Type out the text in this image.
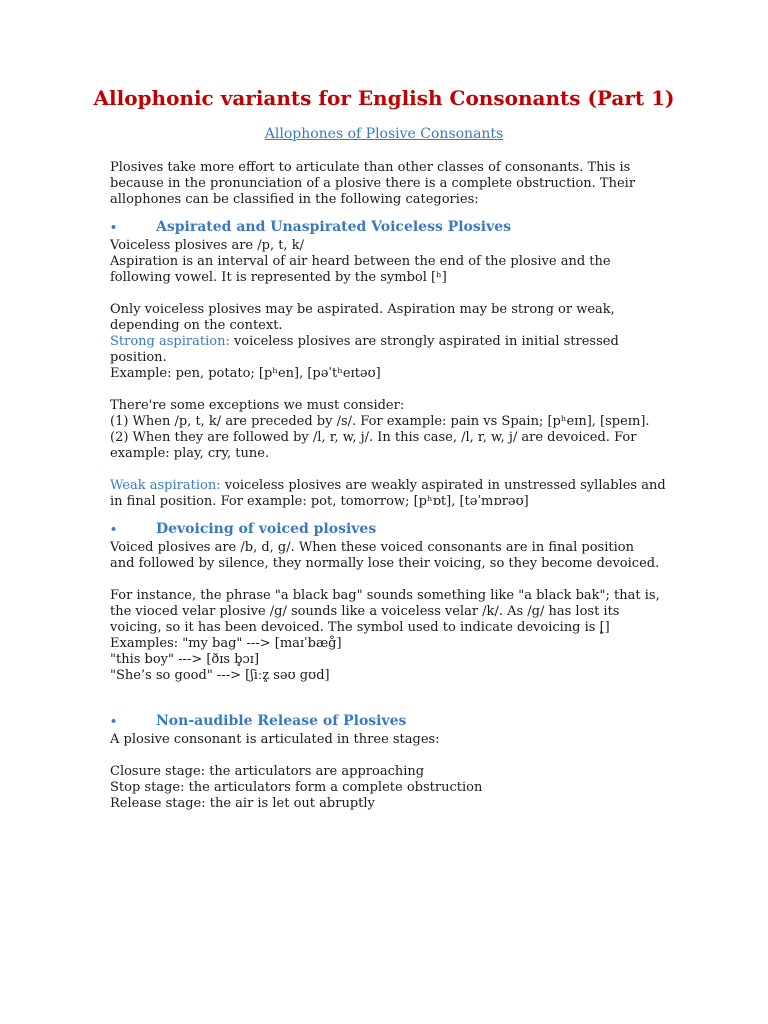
Allophonic variants for English Consonants (Part 1)

Allophones of Plosive Consonants

Plosives take more effort to articulate than other classes of consonants. This is

because in the pronunciation of a plosive there is a complete obstruction. Their

allophones can be classified in the following categories:

•	Aspirated and Unaspirated Voiceless Plosives

Voiceless plosives are /p, t, k/

Aspiration is an interval of air heard between the end of the plosive and the

following vowel. It is represented by the symbol [ʰ]

Only voiceless plosives may be aspirated. Aspiration may be strong or weak,

depending on the context.

Strong aspiration: voiceless plosives are strongly aspirated in initial stressed

position.

Example: pen, potato; [pʰen], [pəˈtʰeɪtəʊ]

There're some exceptions we must consider:

(1) When /p, t, k/ are preceded by /s/. For example: pain vs Spain; [pʰeɪn], [speɪn].

(2) When they are followed by /l, r, w, j/. In this case, /l, r, w, j/ are devoiced. For

example: play, cry, tune.

Weak aspiration: voiceless plosives are weakly aspirated in unstressed syllables and

in final position. For example: pot, tomorrow; [pʰɒt], [təˈmɒrəʊ]

•	Devoicing of voiced plosives

Voiced plosives are /b, d, g/. When these voiced consonants are in final position

and followed by silence, they normally lose their voicing, so they become devoiced.

For instance, the phrase "a black bag" sounds something like "a black bak"; that is,

the vioced velar plosive /g/ sounds like a voiceless velar /k/. As /g/ has lost its

voicing, so it has been devoiced. The symbol used to indicate devoicing is [̥]

Examples: "my bag" ---> [maɪˈbæg̊]

"this boy" ---> [ðɪs b̥ɔɪ]

"She’s so good" ---> [ʃiːz̥ səʊ gʊd]

•	Non-audible Release of Plosives

A plosive consonant is articulated in three stages:

Closure stage: the articulators are approaching

Stop stage: the articulators form a complete obstruction

Release stage: the air is let out abruptly
